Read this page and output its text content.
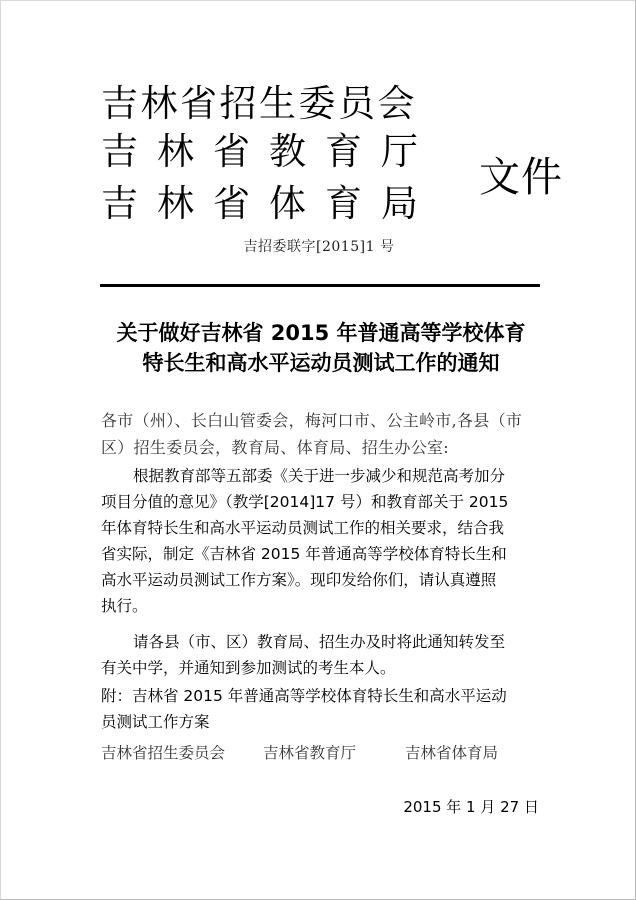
吉林省招生委员会
吉林省教育厅
吉林省体育局
文件
吉招委联字[2015]1 号
关于做好吉林省 2015 年普通高等学校体育
特长生和高水平运动员测试工作的通知
各市（州）、长白山管委会，梅河口市、公主岭市,各县（市
区）招生委员会，教育局、体育局、招生办公室:
根据教育部等五部委《关于进一步减少和规范高考加分
项目分值的意见》（教学[2014]17 号）和教育部关于 2015
年体育特长生和高水平运动员测试工作的相关要求，结合我
省实际，制定《吉林省 2015 年普通高等学校体育特长生和
高水平运动员测试工作方案》。现印发给你们，请认真遵照
执行。
请各县（市、区）教育局、招生办及时将此通知转发至
有关中学，并通知到参加测试的考生本人。
附：吉林省 2015 年普通高等学校体育特长生和高水平运动
员测试工作方案
吉林省招生委员会 吉林省教育厅	吉林省体育局
2015 年 1 月 27 日
